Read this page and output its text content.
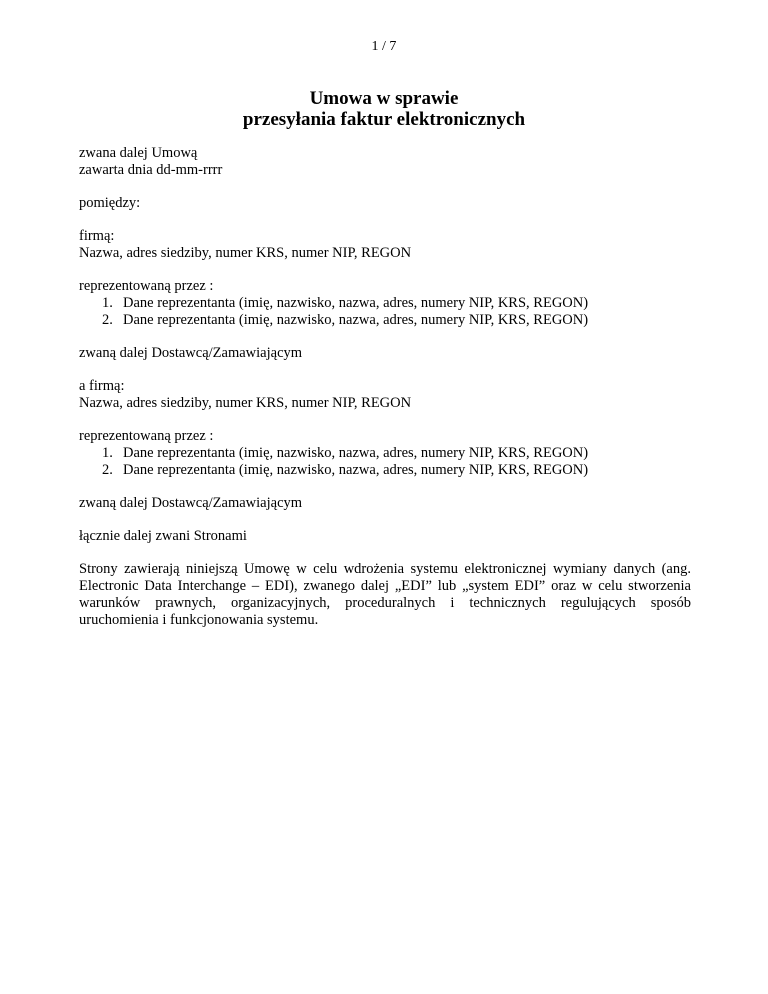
1 / 7
Umowa w sprawie
przesyłania faktur elektronicznych
zwana dalej Umową
zawarta dnia dd-mm-rrrr
pomiędzy:
firmą:
Nazwa, adres siedziby, numer KRS, numer NIP, REGON
reprezentowaną przez :
1. Dane reprezentanta (imię, nazwisko, nazwa, adres, numery NIP, KRS, REGON)
2. Dane reprezentanta (imię, nazwisko, nazwa, adres, numery NIP, KRS, REGON)
zwaną dalej Dostawcą/Zamawiającym
a firmą:
Nazwa, adres siedziby, numer KRS, numer NIP, REGON
reprezentowaną przez :
1. Dane reprezentanta (imię, nazwisko, nazwa, adres, numery NIP, KRS, REGON)
2. Dane reprezentanta (imię, nazwisko, nazwa, adres, numery NIP, KRS, REGON)
zwaną dalej Dostawcą/Zamawiającym
łącznie dalej zwani Stronami
Strony zawierają niniejszą Umowę w celu wdrożenia systemu elektronicznej wymiany danych (ang. Electronic Data Interchange – EDI), zwanego dalej „EDI” lub „system EDI” oraz w celu stworzenia warunków prawnych, organizacyjnych, proceduralnych i technicznych regulujących sposób uruchomienia i funkcjonowania systemu.
